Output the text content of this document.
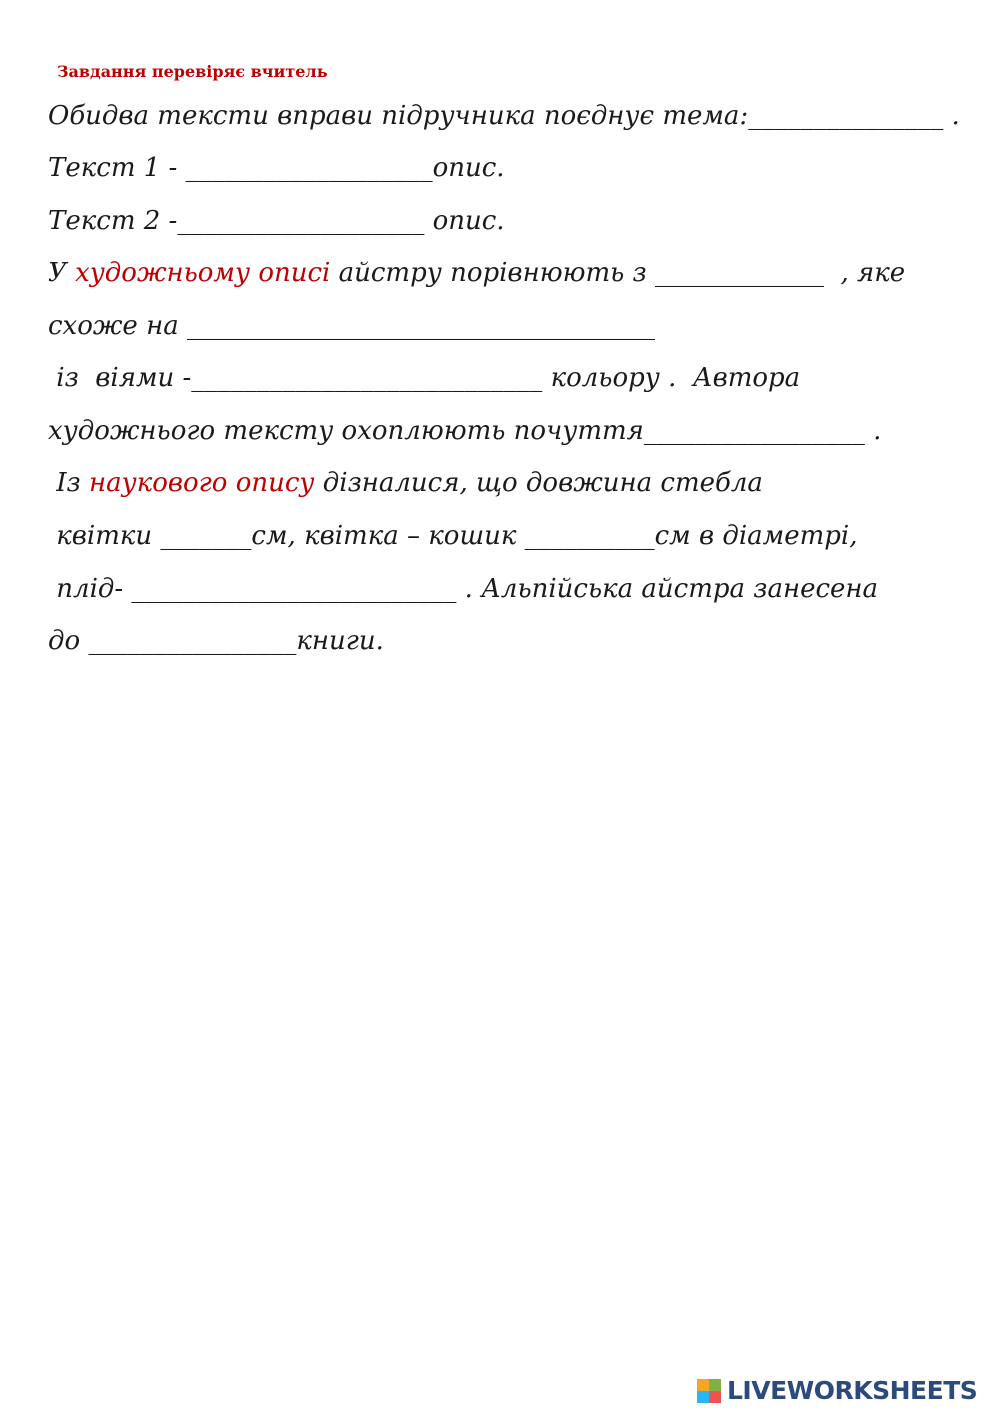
Завдання перевіряє вчитель
Обидва тексти вправи підручника поєднує тема:_______________ .
Текст 1 - ___________________опис.
Текст 2 -___________________ опис.
У художньому описі айстру порівнюють з _____________  , яке
схоже на ____________________________________
із  віями -___________________________ кольору .  Автора
художнього тексту охоплюють почуття_________________ .
Із наукового опису дізналися, що довжина стебла
квітки _______см, квітка – кошик __________см в діаметрі,
плід- _________________________ . Альпійська айстра занесена
до ________________книги.
LIVEWORKSHEETS
